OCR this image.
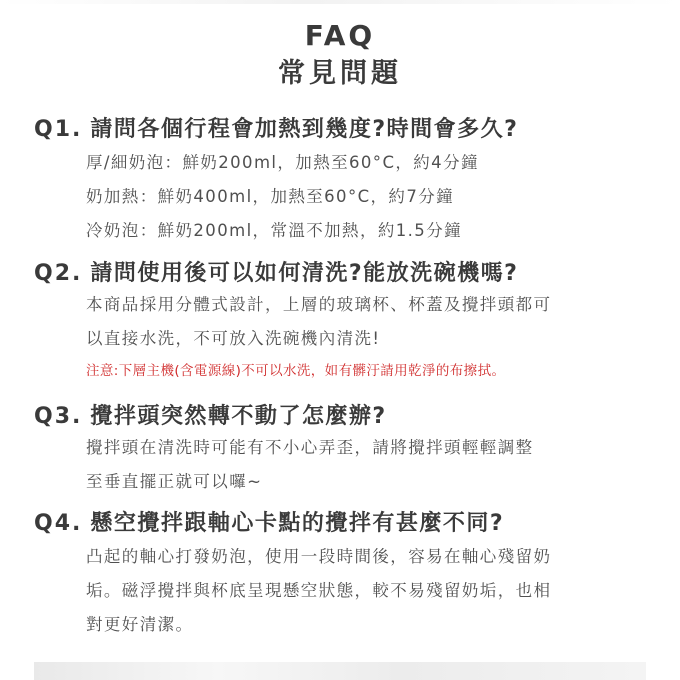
FAQ
常見問題
Q1. 請問各個行程會加熱到幾度?時間會多久?
厚/細奶泡：鮮奶200ml，加熱至60°C，約4分鐘
奶加熱：鮮奶400ml，加熱至60°C，約7分鐘
冷奶泡：鮮奶200ml，常溫不加熱，約1.5分鐘
Q2. 請問使用後可以如何清洗?能放洗碗機嗎?
本商品採用分體式設計，上層的玻璃杯、杯蓋及攪拌頭都可
以直接水洗，不可放入洗碗機內清洗!
注意:下層主機(含電源線)不可以水洗，如有髒汙請用乾淨的布擦拭。
Q3. 攪拌頭突然轉不動了怎麼辦?
攪拌頭在清洗時可能有不小心弄歪，請將攪拌頭輕輕調整
至垂直擺正就可以囉~
Q4. 懸空攪拌跟軸心卡點的攪拌有甚麼不同?
凸起的軸心打發奶泡，使用一段時間後，容易在軸心殘留奶
垢。磁浮攪拌與杯底呈現懸空狀態，較不易殘留奶垢，也相
對更好清潔。
